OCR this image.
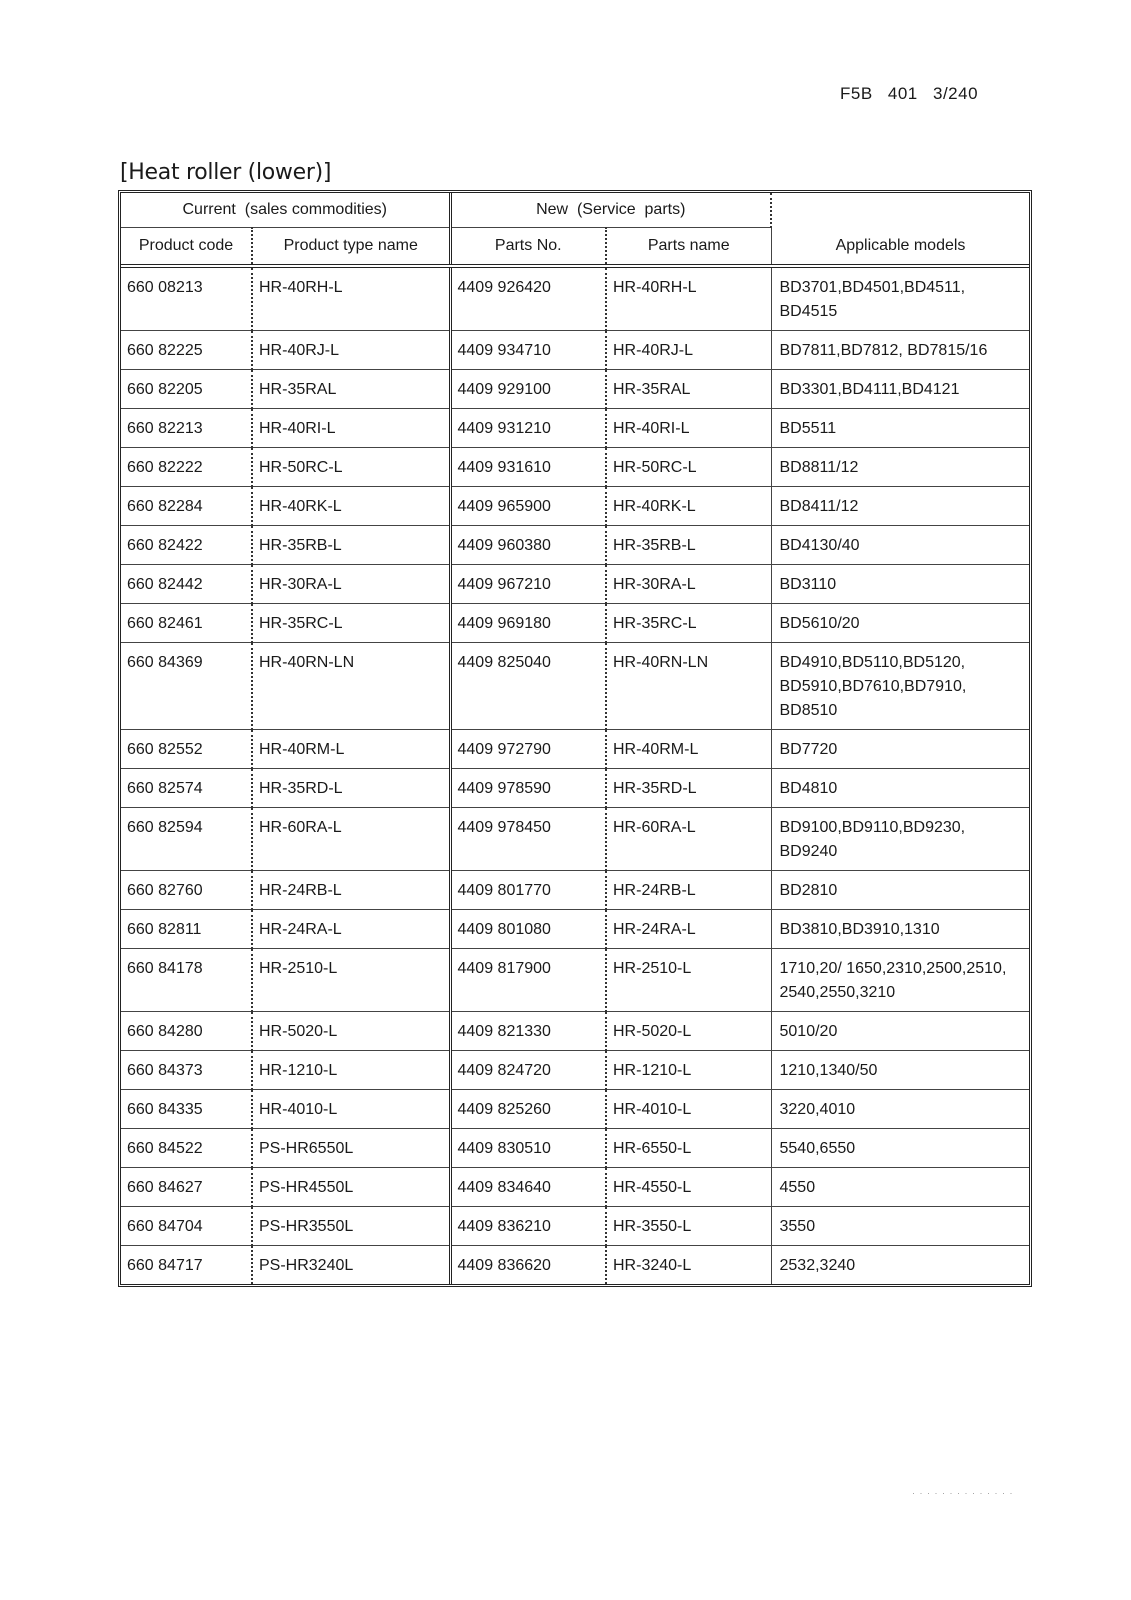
F5B 401 3/240
[Heat roller (lower)]
Current  (sales commodities)		New  (Service  parts)		Applicable models
Product code	Product type name	Parts No.	Parts name	
660 08213	HR-40RH-L	4409 926420	HR-40RH-L	BD3701,BD4501,BD4511, BD4515
660 82225	HR-40RJ-L	4409 934710	HR-40RJ-L	BD7811,BD7812, BD7815/16
660 82205	HR-35RAL	4409 929100	HR-35RAL	BD3301,BD4111,BD4121
660 82213	HR-40RI-L	4409 931210	HR-40RI-L	BD5511
660 82222	HR-50RC-L	4409 931610	HR-50RC-L	BD8811/12
660 82284	HR-40RK-L	4409 965900	HR-40RK-L	BD8411/12
660 82422	HR-35RB-L	4409 960380	HR-35RB-L	BD4130/40
660 82442	HR-30RA-L	4409 967210	HR-30RA-L	BD3110
660 82461	HR-35RC-L	4409 969180	HR-35RC-L	BD5610/20
660 84369	HR-40RN-LN	4409 825040	HR-40RN-LN	BD4910,BD5110,BD5120, BD5910,BD7610,BD7910, BD8510
660 82552	HR-40RM-L	4409 972790	HR-40RM-L	BD7720
660 82574	HR-35RD-L	4409 978590	HR-35RD-L	BD4810
660 82594	HR-60RA-L	4409 978450	HR-60RA-L	BD9100,BD9110,BD9230, BD9240
660 82760	HR-24RB-L	4409 801770	HR-24RB-L	BD2810
660 82811	HR-24RA-L	4409 801080	HR-24RA-L	BD3810,BD3910,1310
660 84178	HR-2510-L	4409 817900	HR-2510-L	1710,20/ 1650,2310,2500,2510, 2540,2550,3210
660 84280	HR-5020-L	4409 821330	HR-5020-L	5010/20
660 84373	HR-1210-L	4409 824720	HR-1210-L	1210,1340/50
660 84335	HR-4010-L	4409 825260	HR-4010-L	3220,4010
660 84522	PS-HR6550L	4409 830510	HR-6550-L	5540,6550
660 84627	PS-HR4550L	4409 834640	HR-4550-L	4550
660 84704	PS-HR3550L	4409 836210	HR-3550-L	3550
660 84717	PS-HR3240L	4409 836620	HR-3240-L	2532,3240
· · · · · · · · · · · · · ·
